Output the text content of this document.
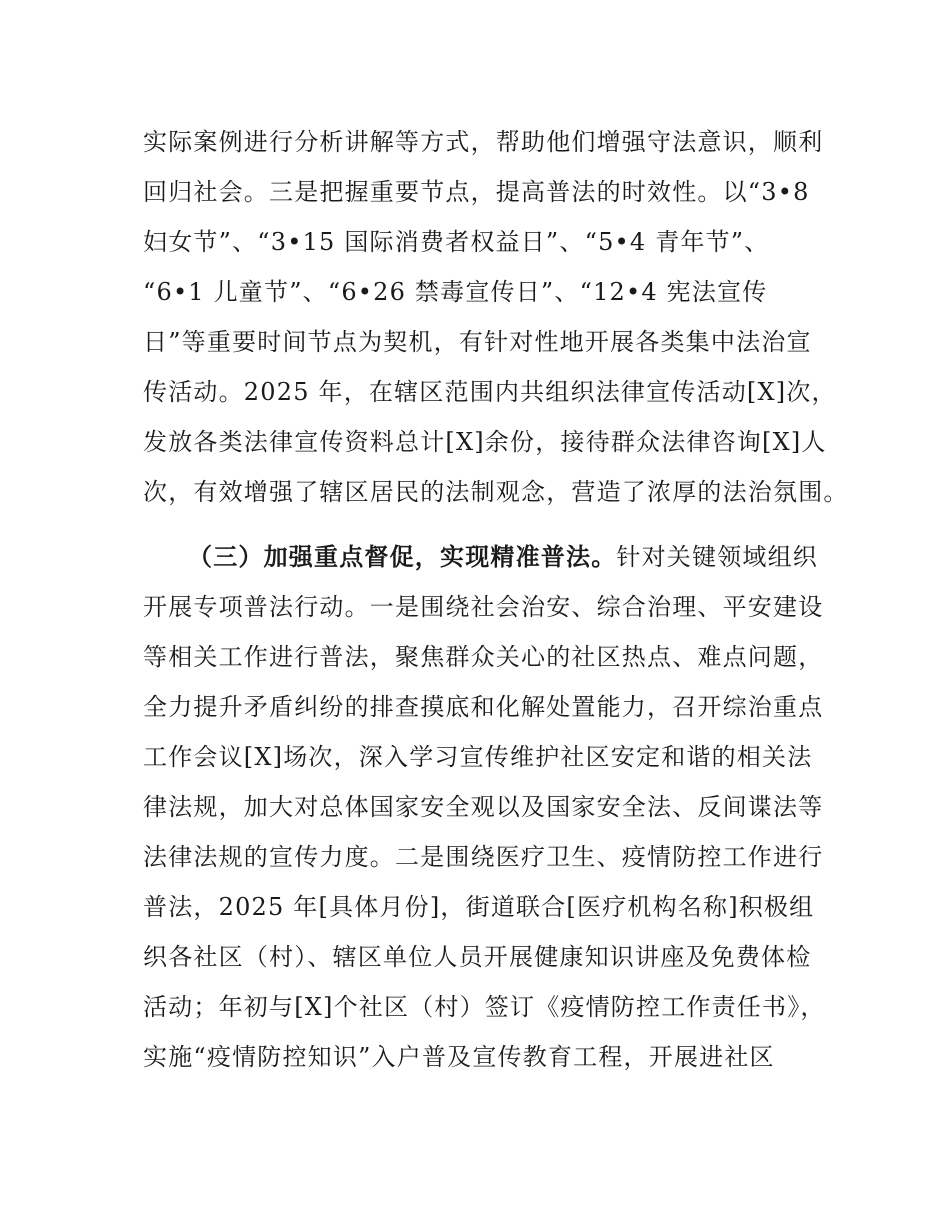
实际案例进行分析讲解等方式，帮助他们增强守法意识，顺利
回归社会。三是把握重要节点，提高普法的时效性。以“3•8
妇女节”、“3•15 国际消费者权益日”、“5•4 青年节”、
“6•1 儿童节”、“6•26 禁毒宣传日”、“12•4 宪法宣传
日”等重要时间节点为契机，有针对性地开展各类集中法治宣
传活动。2025 年，在辖区范围内共组织法律宣传活动[X]次，
发放各类法律宣传资料总计[X]余份，接待群众法律咨询[X]人
次，有效增强了辖区居民的法制观念，营造了浓厚的法治氛围。
（三）加强重点督促，实现精准普法。针对关键领域组织
开展专项普法行动。一是围绕社会治安、综合治理、平安建设
等相关工作进行普法，聚焦群众关心的社区热点、难点问题，
全力提升矛盾纠纷的排查摸底和化解处置能力，召开综治重点
工作会议[X]场次，深入学习宣传维护社区安定和谐的相关法
律法规，加大对总体国家安全观以及国家安全法、反间谍法等
法律法规的宣传力度。二是围绕医疗卫生、疫情防控工作进行
普法，2025 年[具体月份]，街道联合[医疗机构名称]积极组
织各社区（村）、辖区单位人员开展健康知识讲座及免费体检
活动；年初与[X]个社区（村）签订《疫情防控工作责任书》，
实施“疫情防控知识”入户普及宣传教育工程，开展进社区
